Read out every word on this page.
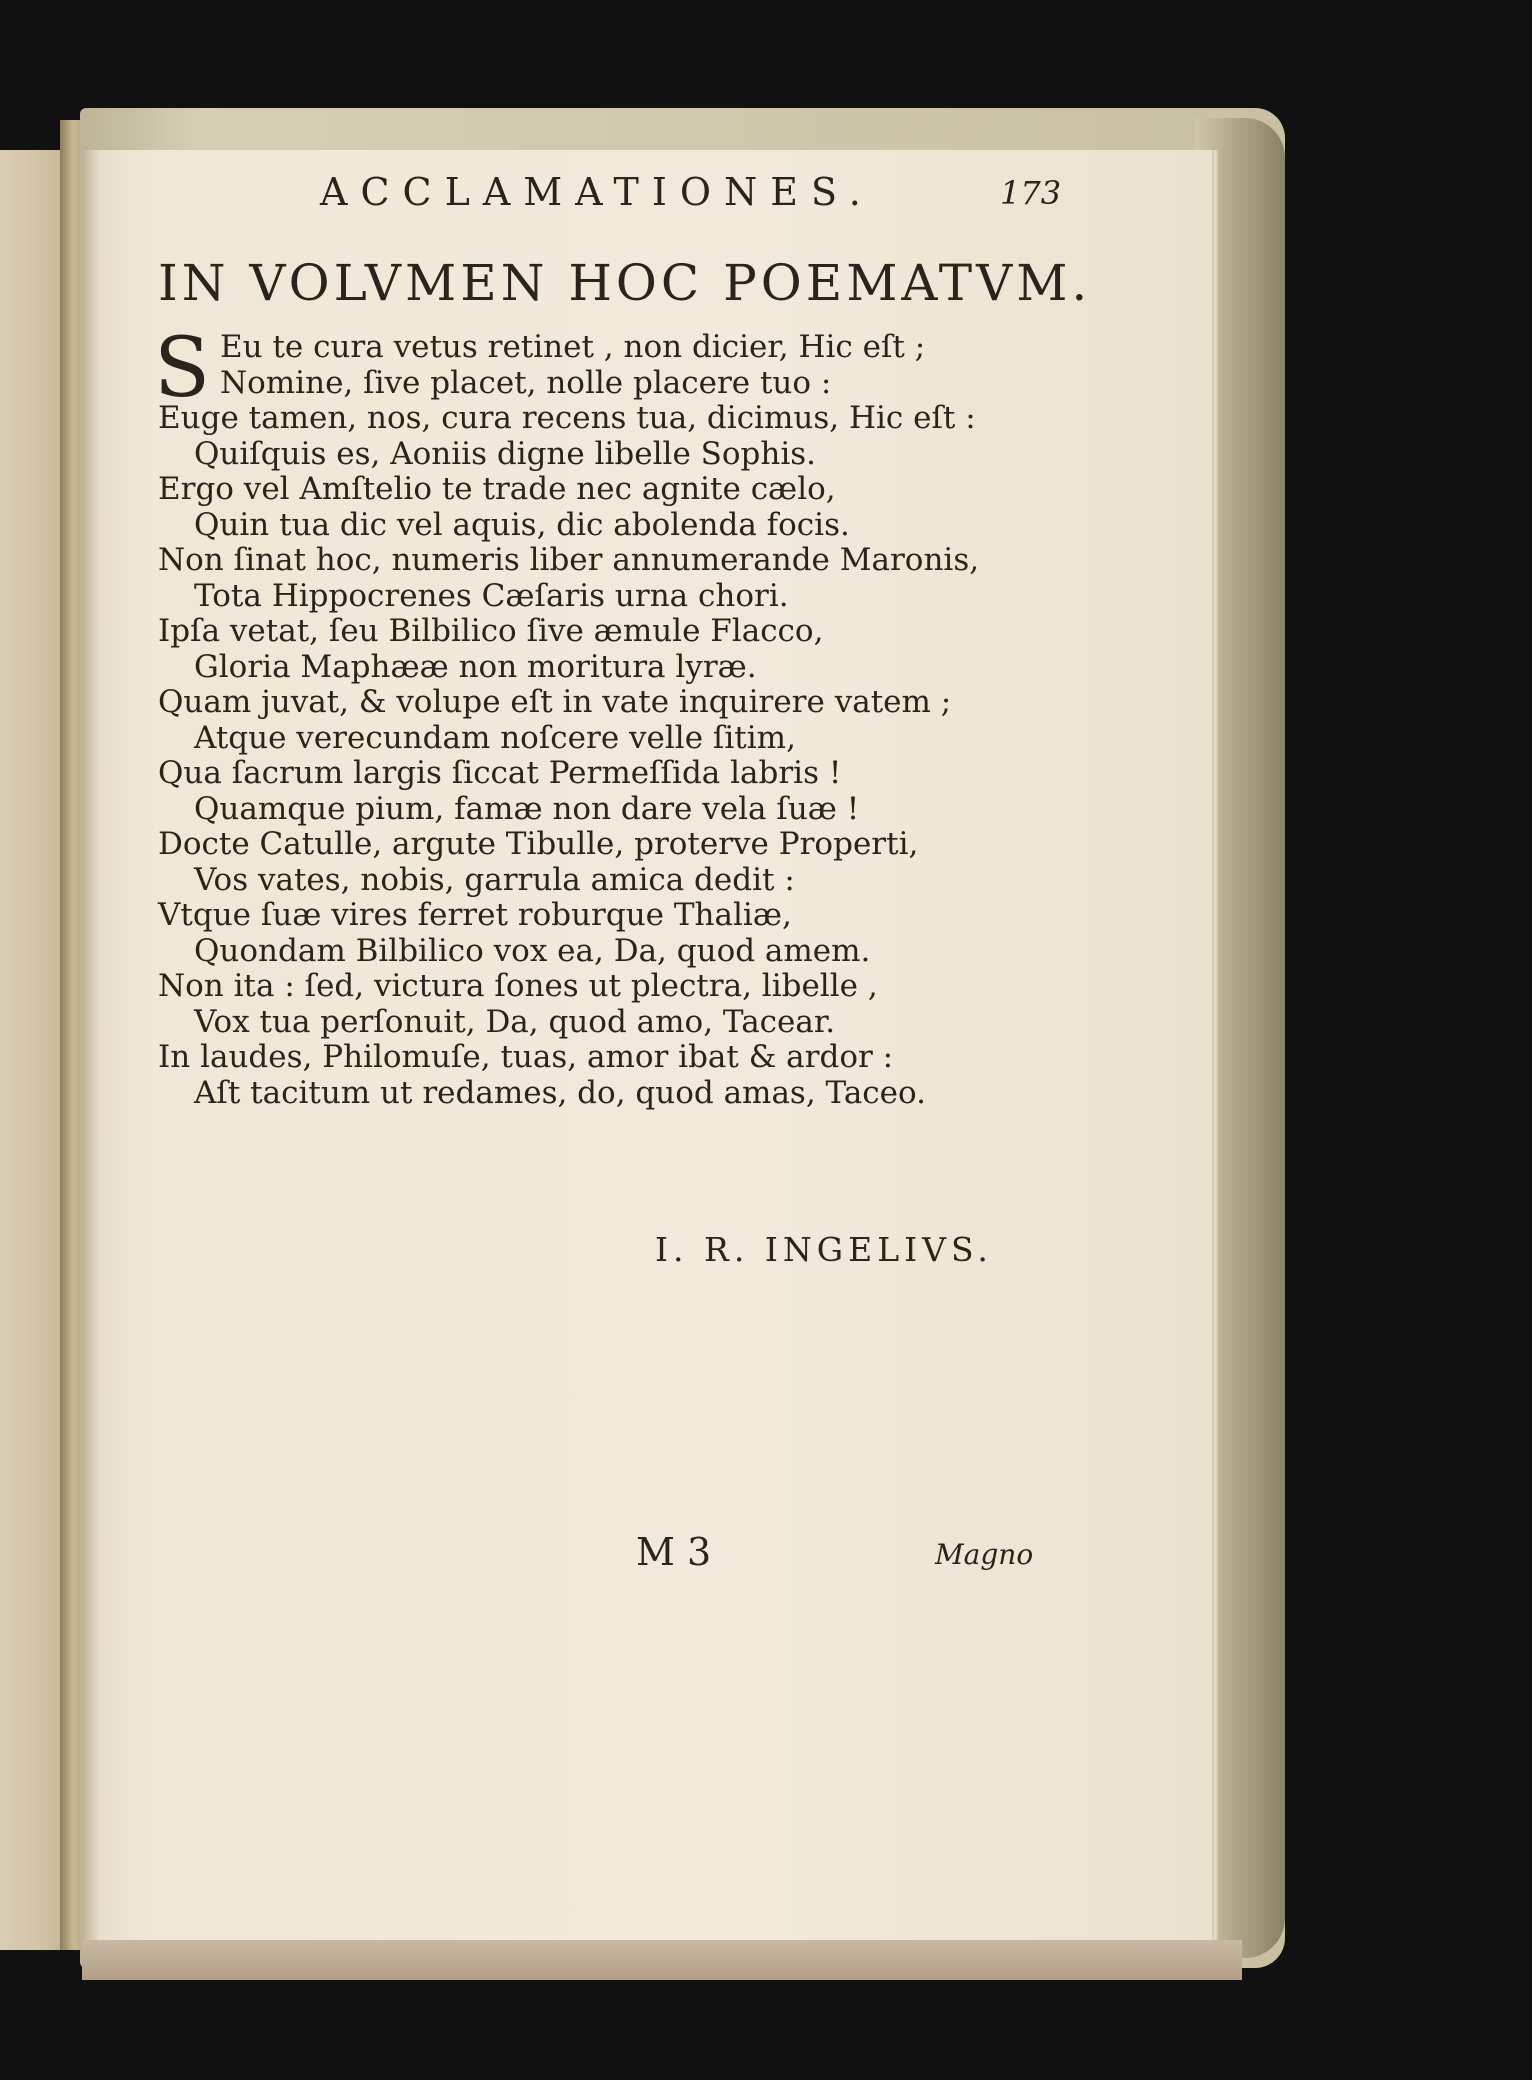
ACCLAMATIONES.	173
IN VOLVMEN HOC POEMATVM.
S Eu te cura vetus retinet , non dicier, Hic eſt ;
Nomine, ſive placet, nolle placere tuo :
Euge tamen, nos, cura recens tua, dicimus, Hic eſt :
Quiſquis es, Aoniis digne libelle Sophis.
Ergo vel Amſtelio te trade nec agnite cælo,
Quin tua dic vel aquis, dic abolenda focis.
Non ſinat hoc, numeris liber annumerande Maronis,
Tota Hippocrenes Cæſaris urna chori.
Ipſa vetat, ſeu Bilbilico ſive æmule Flacco,
Gloria Maphææ non moritura lyræ.
Quam juvat, & volupe eſt in vate inquirere vatem ;
Atque verecundam noſcere velle ſitim,
Qua ſacrum largis ſiccat Permeſſida labris !
Quamque pium, famæ non dare vela ſuæ !
Docte Catulle, argute Tibulle, proterve Properti,
Vos vates, nobis, garrula amica dedit :
Vtque ſuæ vires ferret roburque Thaliæ,
Quondam Bilbilico vox ea, Da, quod amem.
Non ita : ſed, victura ſones ut plectra, libelle ,
Vox tua perſonuit, Da, quod amo, Tacear.
In laudes, Philomuſe, tuas, amor ibat & ardor :
Aſt tacitum ut redames, do, quod amas, Taceo.
I. R. INGELIVS.
M 3	Magno
